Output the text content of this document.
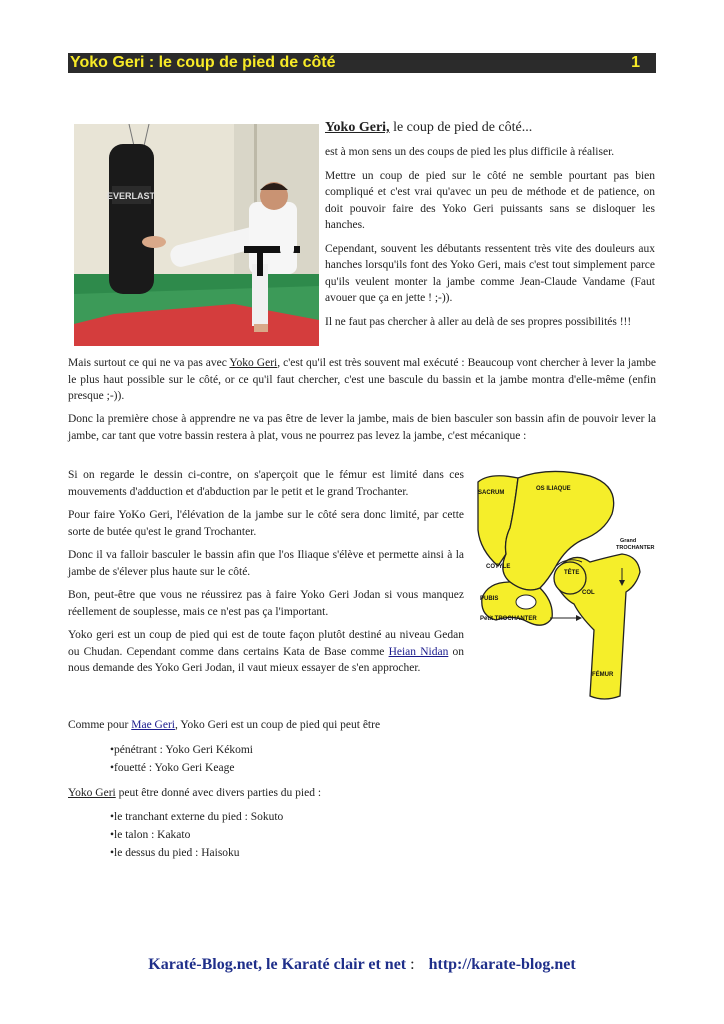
Yoko Geri : le coup de pied de côté	1
EVERLAST

Yoko Geri, le coup de pied de côté...

est à mon sens un des coups de pied les plus difficile à réaliser.

Mettre un coup de pied sur le côté ne semble pourtant pas bien compliqué et c'est vrai qu'avec un peu de méthode et de patience, on doit pouvoir faire des Yoko Geri puissants sans se disloquer les hanches.

Cependant, souvent les débutants ressentent très vite des douleurs aux hanches lorsqu'ils font des Yoko Geri, mais c'est tout simplement parce qu'ils veulent monter la jambe comme Jean-Claude Vandame (Faut avouer que ça en jette ! ;-)).

Il ne faut pas chercher à aller au delà de ses propres possibilités !!!

Mais surtout ce qui ne va pas avec Yoko Geri, c'est qu'il est très souvent mal exécuté : Beaucoup vont chercher à lever la jambe le plus haut possible sur le côté, or ce qu'il faut chercher, c'est une bascule du bassin et la jambe montra d'elle-même (enfin presque ;-)).

Donc la première chose à apprendre ne va pas être de lever la jambe, mais de bien basculer son bassin afin de pouvoir lever la jambe, car tant que votre bassin restera à plat, vous ne pourrez pas levez la jambe, c'est mécanique :

Si on regarde le dessin ci-contre, on s'aperçoit que le fémur est limité dans ces mouvements d'adduction et d'abduction par le petit et le grand Trochanter.

Pour faire YoKo Geri, l'élévation de la jambe sur le côté sera donc limité, par cette sorte de butée qu'est le grand Trochanter.

Donc il va falloir basculer le bassin afin que l'os Iliaque s'élève et permette ainsi à la jambe de s'élever plus haute sur le côté.

Bon, peut-être que vous ne réussirez pas à faire Yoko Geri Jodan si vous manquez réellement de souplesse, mais ce n'est pas ça l'important.

Yoko geri est un coup de pied qui est de toute façon plutôt destiné au niveau Gedan ou Chudan. Cependant comme dans certains Kata de Base comme Heian Nidan on nous demande des Yoko Geri Jodan, il vaut mieux essayer de s'en approcher.

Comme pour Mae Geri, Yoko Geri est un coup de pied qui peut être

•pénétrant : Yoko Geri Kékomi
•fouetté : Yoko Geri Keage

Yoko Geri peut être donné avec divers parties du pied :

•le tranchant externe du pied : Sokuto
•le talon : Kakato
•le dessus du pied : Haisoku
SACRUM
OS ILIAQUE
Grand TROCHANTER
COTYLE
TÊTE
COL
PUBIS
Petit TROCHANTER
FÉMUR
Karaté-Blog.net, le Karaté clair et net : http://karate-blog.net
